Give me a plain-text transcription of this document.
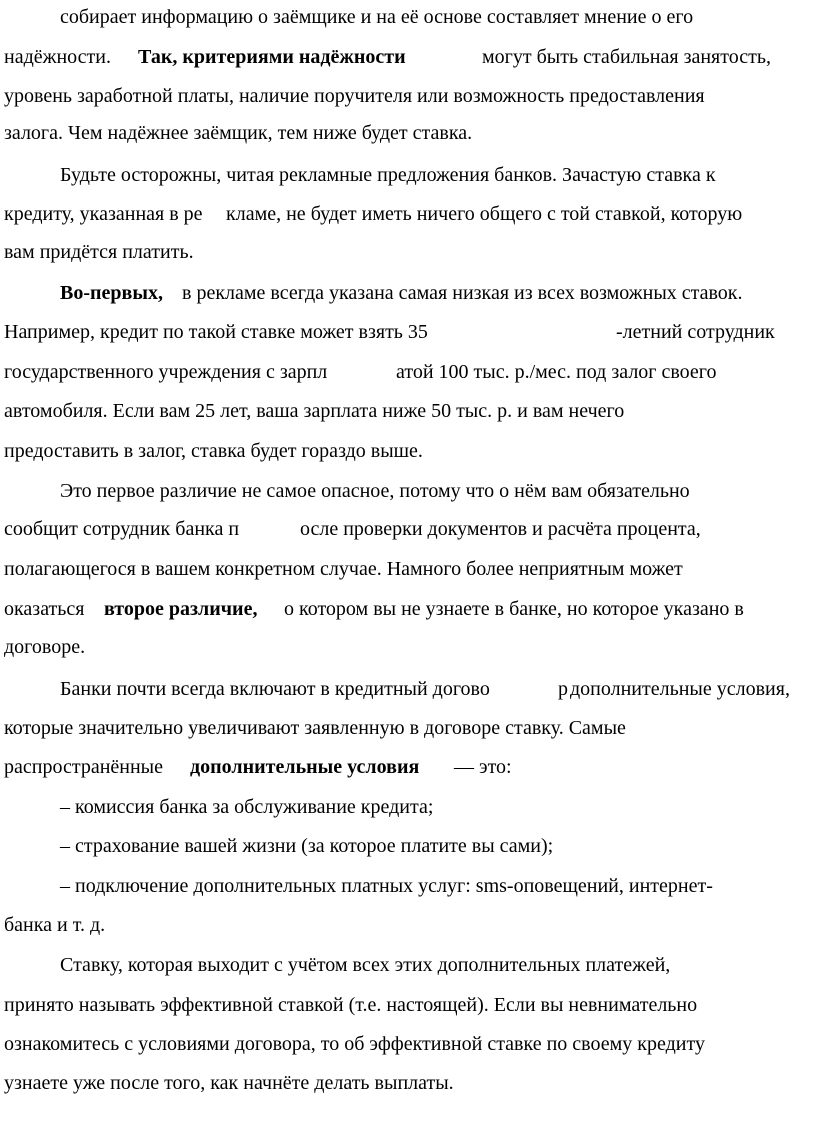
собирает информацию о заёмщике и на её основе составляет мнение о его
надёжности. Так, критериями надёжности	могут быть стабильная занятость,
уровень заработной платы, наличие поручителя или возможность предоставления
залога. Чем надёжнее заёмщик, тем ниже будет ставка.
Будьте осторожны, читая рекламные предложения банков. Зачастую ставка к
кредиту, указанная в ре кламе, не будет иметь ничего общего с той ставкой, которую
вам придётся платить.
Во-первых, в рекламе всегда указана самая низкая из всех возможных ставок.
Например, кредит по такой ставке может взять 35	-летний сотрудник
государственного учреждения с зарпл	атой 100 тыс. р./мес. под залог своего
автомобиля. Если вам 25 лет, ваша зарплата ниже 50 тыс. р. и вам нечего
предоставить в залог, ставка будет гораздо выше.
Это первое различие не самое опасное, потому что о нём вам обязательно
сообщит сотрудник банка п	осле проверки документов и расчёта процента,
полагающегося в вашем конкретном случае. Намного более неприятным может
оказаться второе различие, о котором вы не узнаете в банке, но которое указано в
договоре.
Банки почти всегда включают в кредитный догово	р дополнительные условия,
которые значительно увеличивают заявленную в договоре ставку. Самые
распространённые дополнительные условия — это:
– комиссия банка за обслуживание кредита;
– страхование вашей жизни (за которое платите вы сами);
– подключение дополнительных платных услуг: sms-оповещений, интернет-
банка и т. д.
Ставку, которая выходит с учётом всех этих дополнительных платежей,
принято называть эффективной ставкой (т.е. настоящей). Если вы невнимательно
ознакомитесь с условиями договора, то об эффективной ставке по своему кредиту
узнаете уже после того, как начнёте делать выплаты.
